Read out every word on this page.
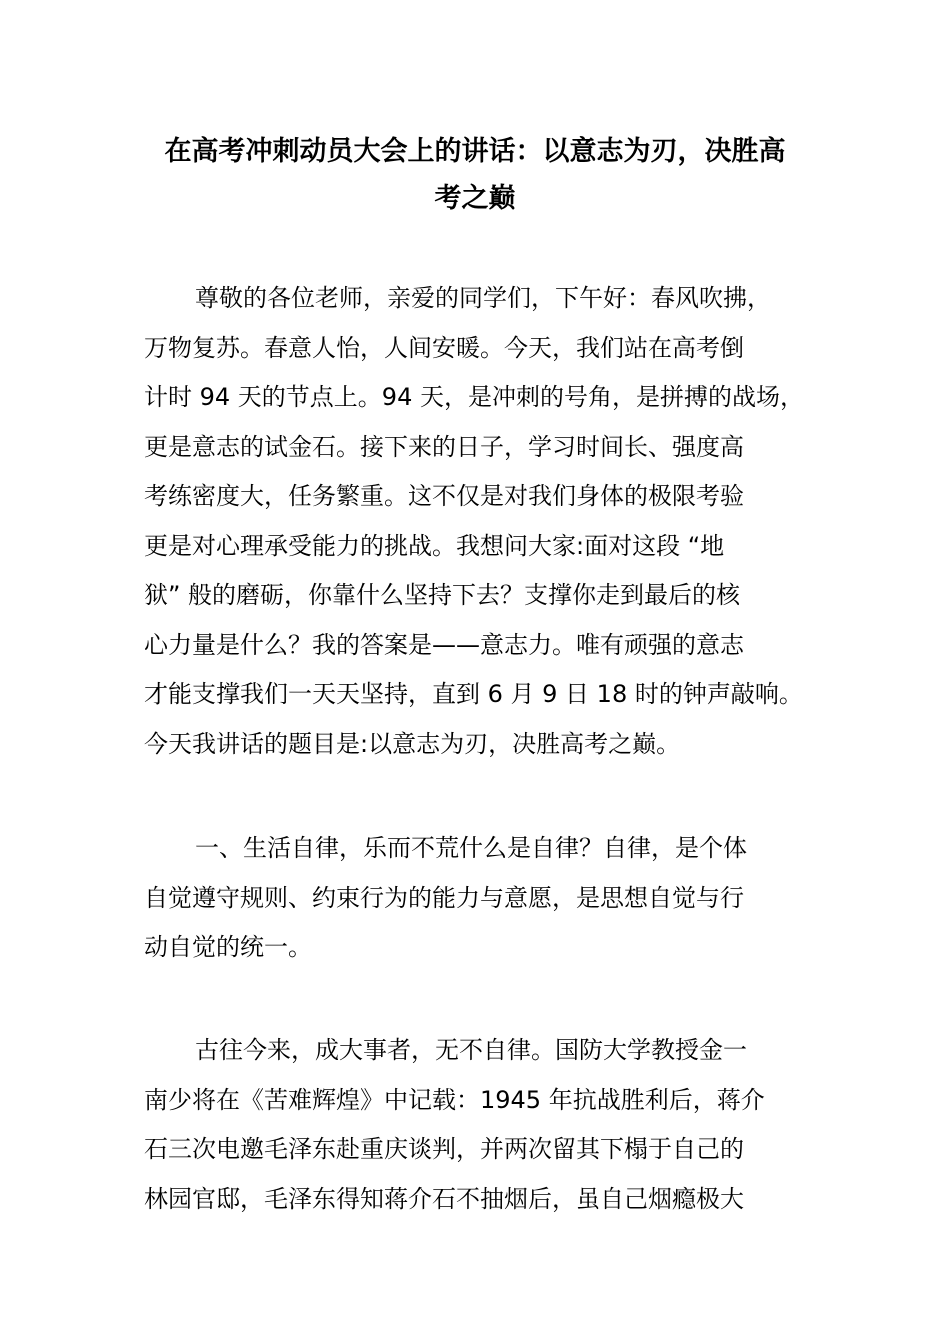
在高考冲刺动员大会上的讲话：以意志为刃，决胜高
考之巅
尊敬的各位老师，亲爱的同学们，下午好：春风吹拂，
万物复苏。春意人怡，人间安暖。今天，我们站在高考倒
计时 94 天的节点上。94 天，是冲刺的号角，是拼搏的战场，
更是意志的试金石。接下来的日子，学习时间长、强度高
考练密度大，任务繁重。这不仅是对我们身体的极限考验
更是对心理承受能力的挑战。我想问大家:面对这段 “地
狱” 般的磨砺，你靠什么坚持下去？支撑你走到最后的核
心力量是什么？我的答案是——意志力。唯有顽强的意志
才能支撑我们一天天坚持，直到 6 月 9 日 18 时的钟声敲响。
今天我讲话的题目是:以意志为刃，决胜高考之巅。
一、生活自律，乐而不荒什么是自律？自律，是个体
自觉遵守规则、约束行为的能力与意愿，是思想自觉与行
动自觉的统一。
古往今来，成大事者，无不自律。国防大学教授金一
南少将在《苦难辉煌》中记载：1945 年抗战胜利后，蒋介
石三次电邀毛泽东赴重庆谈判，并两次留其下榻于自己的
林园官邸，毛泽东得知蒋介石不抽烟后，虽自己烟瘾极大
